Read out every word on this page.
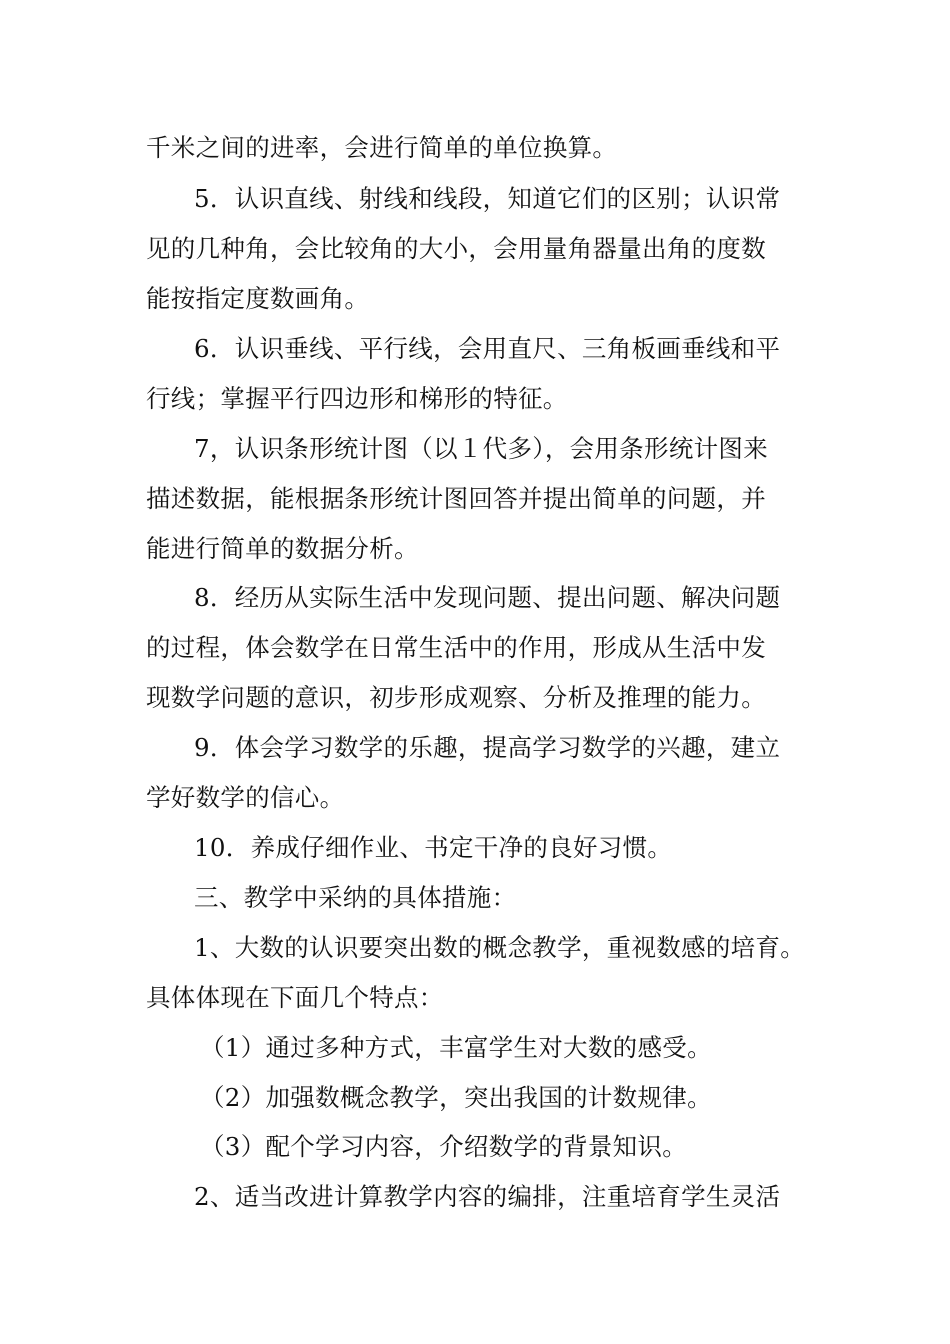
千米之间的进率，会进行简单的单位换算。
5．认识直线、射线和线段，知道它们的区别；认识常
见的几种角，会比较角的大小，会用量角器量出角的度数
能按指定度数画角。
6．认识垂线、平行线，会用直尺、三角板画垂线和平
行线；掌握平行四边形和梯形的特征。
7，认识条形统计图（以１代多），会用条形统计图来
描述数据，能根据条形统计图回答并提出简单的问题，并
能进行简单的数据分析。
8．经历从实际生活中发现问题、提出问题、解决问题
的过程，体会数学在日常生活中的作用，形成从生活中发
现数学问题的意识，初步形成观察、分析及推理的能力。
9．体会学习数学的乐趣，提高学习数学的兴趣，建立
学好数学的信心。
10．养成仔细作业、书定干净的良好习惯。
三、教学中采纳的具体措施：
1、大数的认识要突出数的概念教学，重视数感的培育。
具体体现在下面几个特点：
（1）通过多种方式，丰富学生对大数的感受。
（2）加强数概念教学，突出我国的计数规律。
（3）配个学习内容，介绍数学的背景知识。
2、适当改进计算教学内容的编排，注重培育学生灵活
